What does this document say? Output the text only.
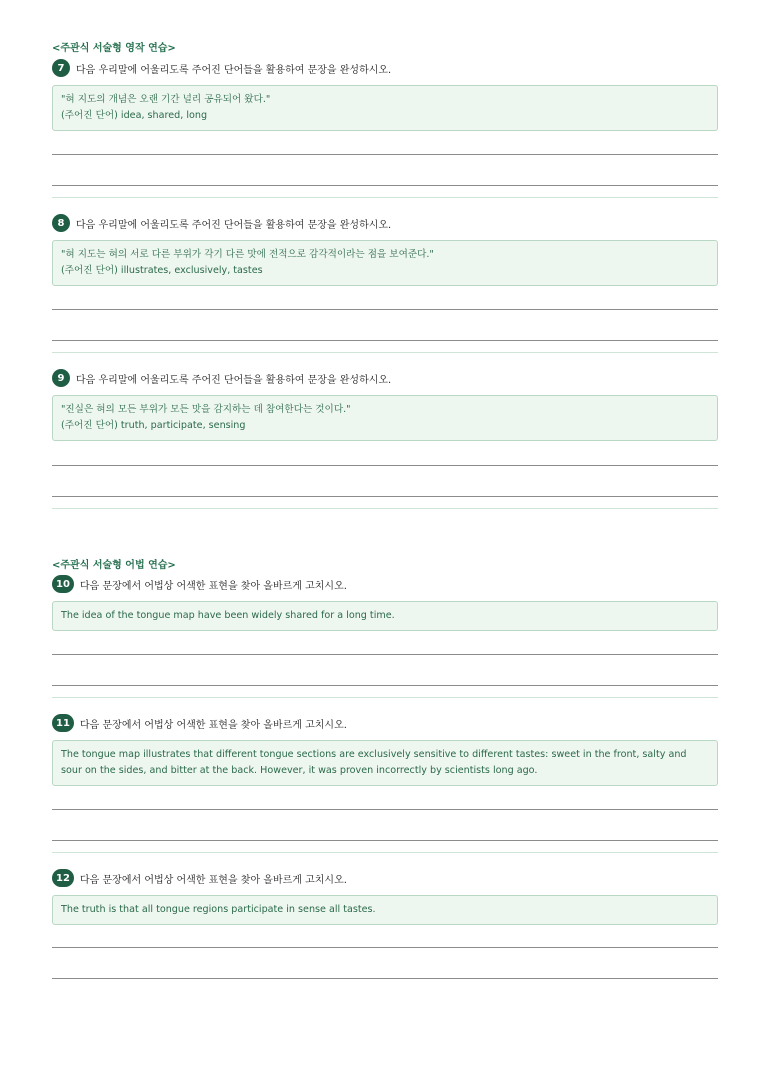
<주관식 서술형 영작 연습>
7	다음 우리말에 어울리도록 주어진 단어들을 활용하여 문장을 완성하시오.
"혀 지도의 개념은 오랜 기간 널리 공유되어 왔다."
(주어진 단어) idea, shared, long
8	다음 우리말에 어울리도록 주어진 단어들을 활용하여 문장을 완성하시오.
"혀 지도는 혀의 서로 다른 부위가 각기 다른 맛에 전적으로 감각적이라는 점을 보여준다."
(주어진 단어) illustrates, exclusively, tastes
9	다음 우리말에 어울리도록 주어진 단어들을 활용하여 문장을 완성하시오.
"진실은 혀의 모든 부위가 모든 맛을 감지하는 데 참여한다는 것이다."
(주어진 단어) truth, participate, sensing
<주관식 서술형 어법 연습>
10	다음 문장에서 어법상 어색한 표현을 찾아 올바르게 고치시오.
The idea of the tongue map have been widely shared for a long time.
11	다음 문장에서 어법상 어색한 표현을 찾아 올바르게 고치시오.
The tongue map illustrates that different tongue sections are exclusively sensitive to different tastes: sweet in the front, salty and sour on the sides, and bitter at the back. However, it was proven incorrectly by scientists long ago.
12	다음 문장에서 어법상 어색한 표현을 찾아 올바르게 고치시오.
The truth is that all tongue regions participate in sense all tastes.
